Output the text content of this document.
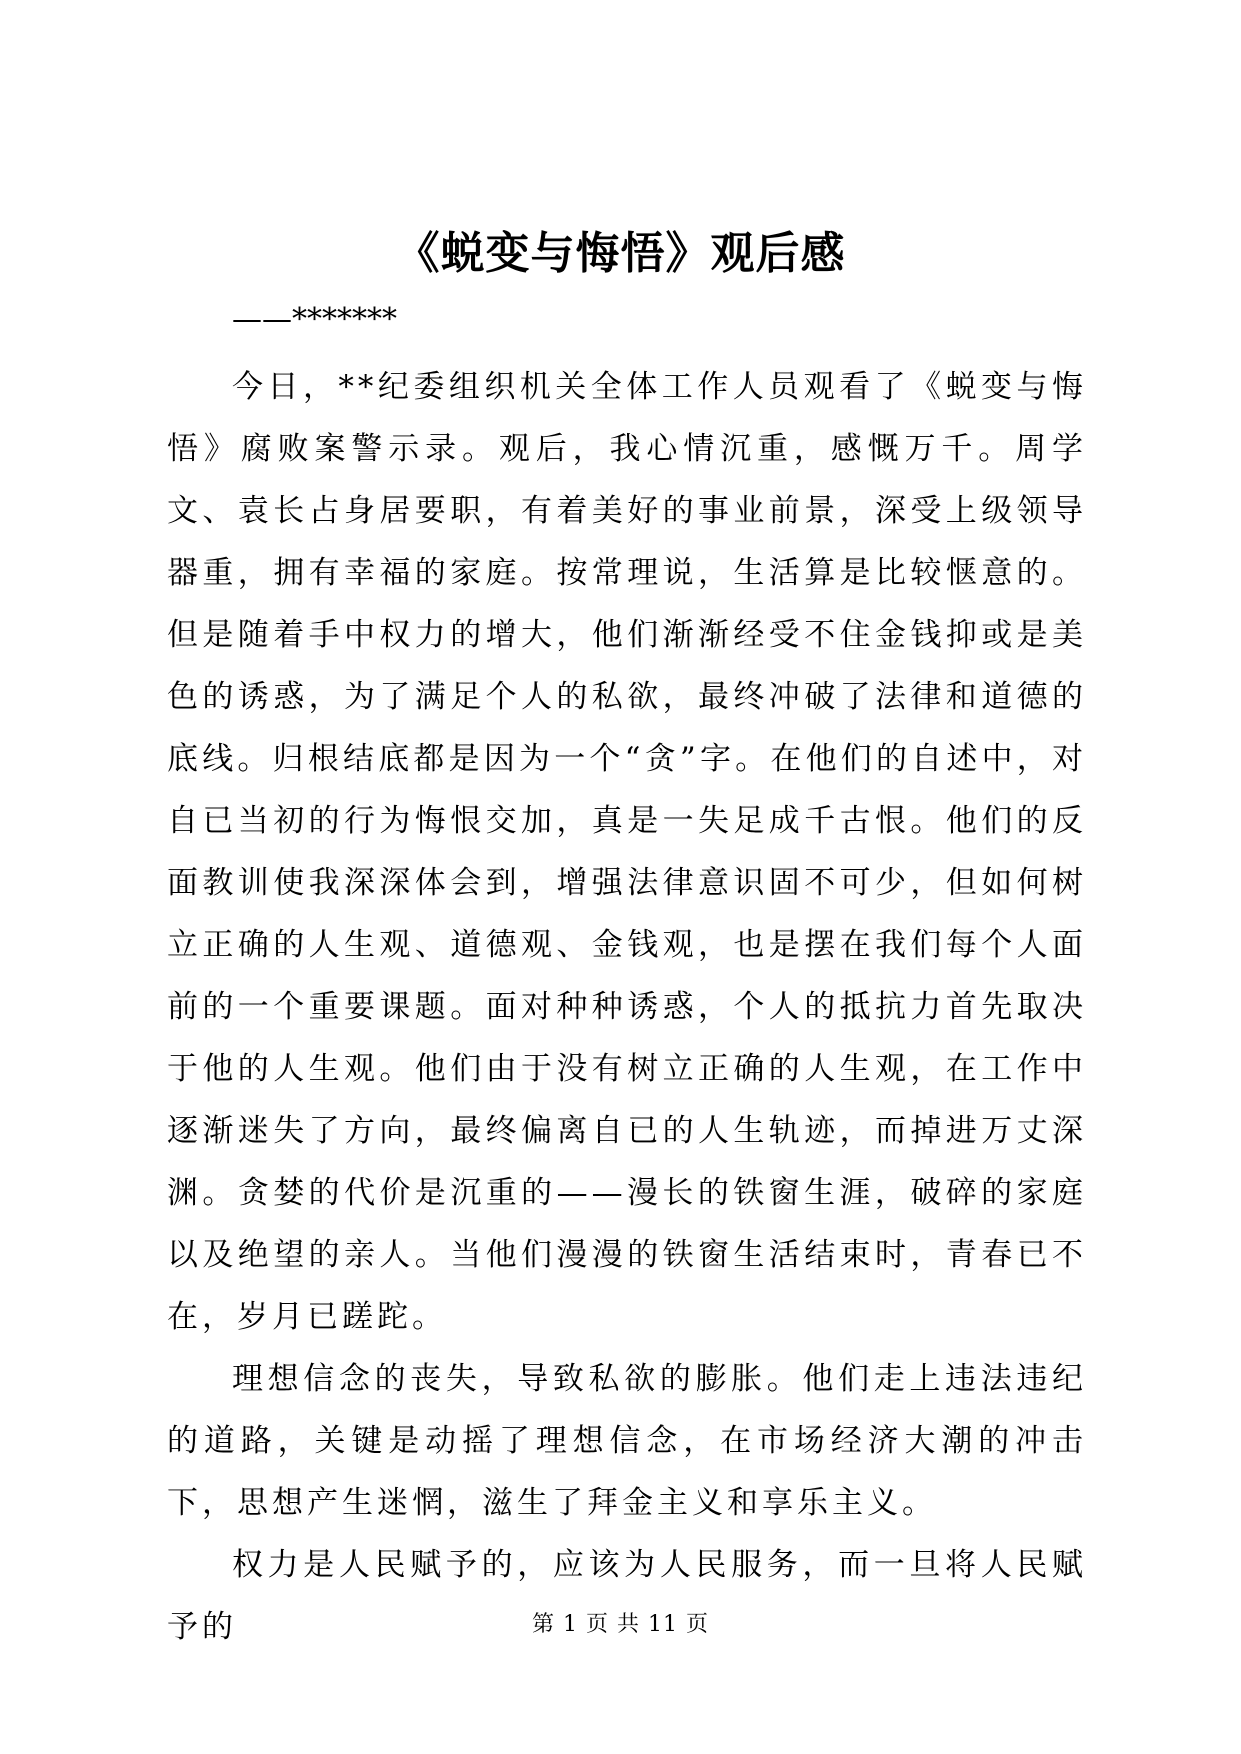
《蜕变与悔悟》观后感
——*******

今日，**纪委组织机关全体工作人员观看了《蜕变与悔悟》腐败案警示录。观后，我心情沉重，感慨万千。周学文、袁长占身居要职，有着美好的事业前景，深受上级领导器重，拥有幸福的家庭。按常理说，生活算是比较惬意的。但是随着手中权力的增大，他们渐渐经受不住金钱抑或是美色的诱惑，为了满足个人的私欲，最终冲破了法律和道德的底线。归根结底都是因为一个“贪”字。在他们的自述中，对自已当初的行为悔恨交加，真是一失足成千古恨。他们的反面教训使我深深体会到，增强法律意识固不可少，但如何树立正确的人生观、道德观、金钱观，也是摆在我们每个人面前的一个重要课题。面对种种诱惑，个人的抵抗力首先取决于他的人生观。他们由于没有树立正确的人生观，在工作中逐渐迷失了方向，最终偏离自已的人生轨迹，而掉进万丈深渊。贪婪的代价是沉重的——漫长的铁窗生涯，破碎的家庭以及绝望的亲人。当他们漫漫的铁窗生活结束时，青春已不在，岁月已蹉跎。

理想信念的丧失，导致私欲的膨胀。他们走上违法违纪的道路，关键是动摇了理想信念，在市场经济大潮的冲击下，思想产生迷惘，滋生了拜金主义和享乐主义。

权力是人民赋予的，应该为人民服务，而一旦将人民赋予的	第 1 页 共 11 页
